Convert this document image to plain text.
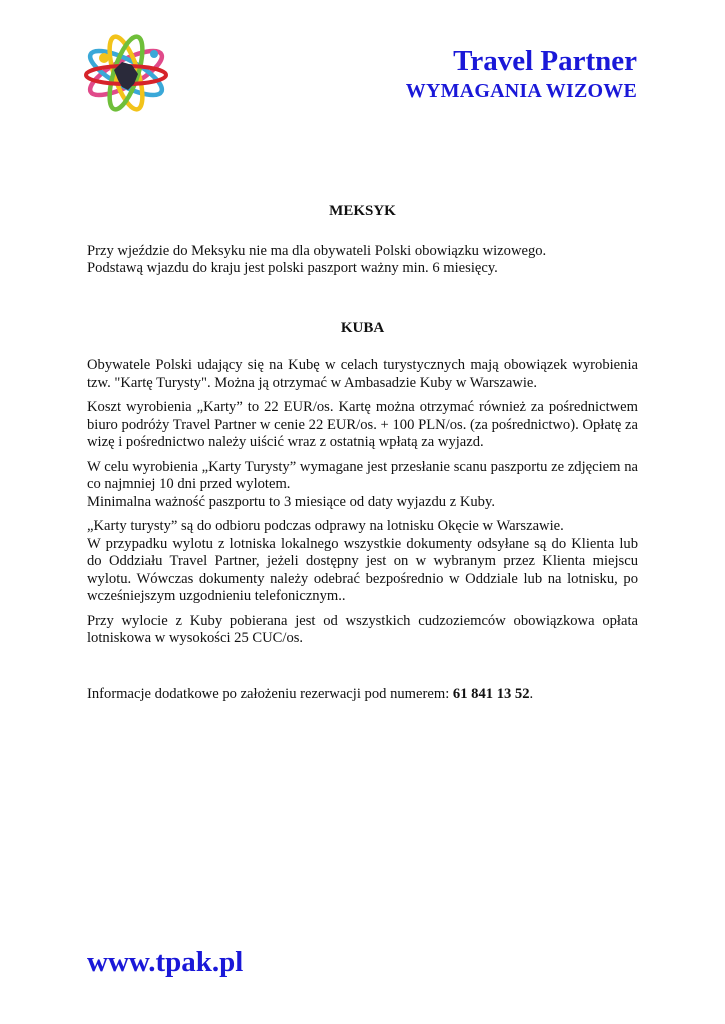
Travel Partner
WYMAGANIA WIZOWE
MEKSYK

Przy wjeździe do Meksyku nie ma dla obywateli Polski obowiązku wizowego.
Podstawą wjazdu do kraju jest polski paszport ważny min. 6 miesięcy.

KUBA

Obywatele Polski udający się na Kubę w celach turystycznych mają obowiązek wyrobienia tzw. "Kartę Turysty". Można ją otrzymać w Ambasadzie Kuby w Warszawie.

Koszt wyrobienia „Karty” to 22 EUR/os. Kartę można otrzymać również za pośrednictwem biuro podróży Travel Partner w cenie 22 EUR/os. + 100 PLN/os. (za pośrednictwo). Opłatę za wizę i pośrednictwo należy uiścić wraz z ostatnią wpłatą za wyjazd.

W celu wyrobienia „Karty Turysty” wymagane jest przesłanie scanu paszportu ze zdjęciem na co najmniej 10 dni przed wylotem.
Minimalna ważność paszportu to 3 miesiące od daty wyjazdu z Kuby.

„Karty turysty” są do odbioru podczas odprawy na lotnisku Okęcie w Warszawie.
W przypadku wylotu z lotniska lokalnego wszystkie dokumenty odsyłane są do Klienta lub do Oddziału Travel Partner, jeżeli dostępny jest on w wybranym przez Klienta miejscu wylotu. Wówczas dokumenty należy odebrać bezpośrednio w Oddziale lub na lotnisku, po wcześniejszym uzgodnieniu telefonicznym..

Przy wylocie z Kuby pobierana jest od wszystkich cudzoziemców obowiązkowa opłata lotniskowa w wysokości 25 CUC/os.

Informacje dodatkowe po założeniu rezerwacji pod numerem: 61 841 13 52.

www.tpak.pl
